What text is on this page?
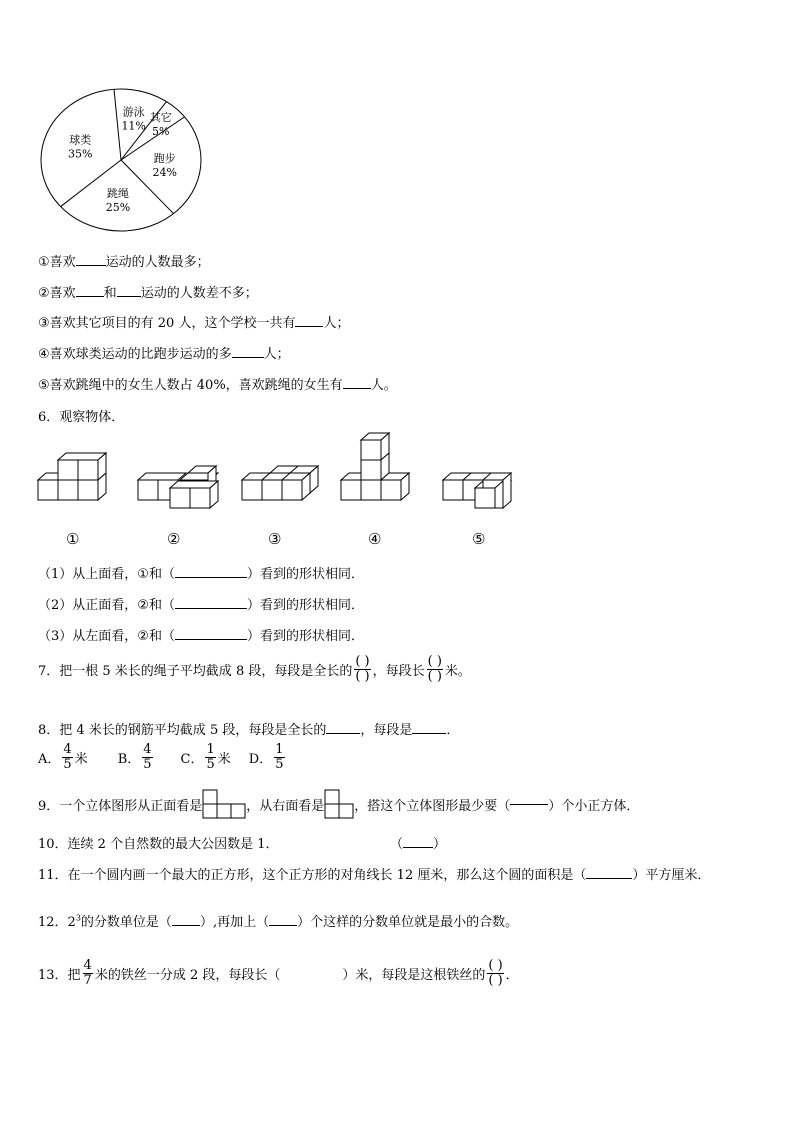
游泳
11%
其它
5%
跑步
24%
跳绳
25%
球类
35%
①喜欢 运动的人数最多；
②喜欢 和 运动的人数差不多；
③喜欢其它项目的有 20 人，这个学校一共有 人；
④喜欢球类运动的比跑步运动的多 人；
⑤喜欢跳绳中的女生人数占 40%，喜欢跳绳的女生有 人。
6．观察物体．
①	②	③	④	⑤
（1）从上面看，①和（	）看到的形状相同．
（2）从正面看，②和（	）看到的形状相同．
（3）从左面看，②和（	）看到的形状相同．
7．把一根 5 米长的绳子平均截成 8 段，每段是全长的 $\frac{( )}{( )}$ ，每段长 $\frac{( )}{( )}$ 米。
8．把 4 米长的钢筋平均截成 5 段，每段是全长的	，每段是	．
A． $\frac{4}{5}$ 米 B． $\frac{4}{5}$ C． $\frac{1}{5}$ 米 D． $\frac{1}{5}$
9．一个立体图形从正面看是	，从右面看是 ，搭这个立体图形最少要（	）个小正方体．
10．连续 2 个自然数的最大公因数是 1．	（ ）
11．在一个圆内画一个最大的正方形，这个正方形的对角线长 12 厘米，那么这个圆的面积是（	）平方厘米．
12．$2^3$的分数单位是（ ）,再加上（ ）个这样的分数单位就是最小的合数。
13．把 $\frac{4}{7}$ 米的铁丝一分成 2 段，每段长（	）米，每段是这根铁丝的 $\frac{( )}{( )}$ ．
